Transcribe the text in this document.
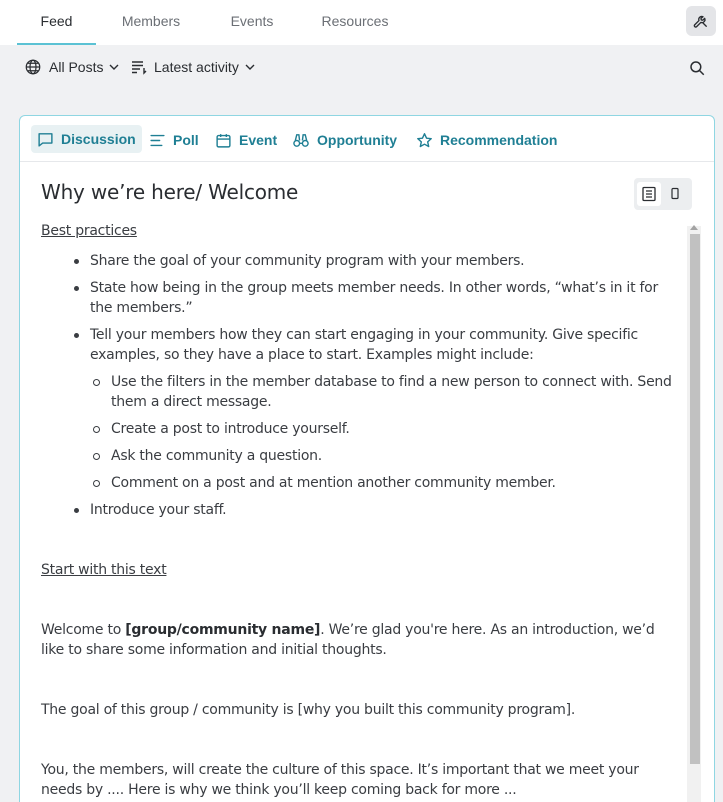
Feed	Members	Events	Resources
All Posts	Latest activity
Discussion	Poll	Event	Opportunity	Recommendation
Why we’re here/ Welcome
Best practices
Share the goal of your community program with your members.
State how being in the group meets member needs. In other words, “what’s in it for the members.”
Tell your members how they can start engaging in your community. Give specific examples, so they have a place to start. Examples might include:
Use the filters in the member database to find a new person to connect with. Send them a direct message.
Create a post to introduce yourself.
Ask the community a question.
Comment on a post and at mention another community member.
Introduce your staff.
Start with this text
Welcome to [group/community name]. We’re glad you're here. As an introduction, we’d like to share some information and initial thoughts.
The goal of this group / community is [why you built this community program].
You, the members, will create the culture of this space. It’s important that we meet your needs by .... Here is why we think you’ll keep coming back for more ...
